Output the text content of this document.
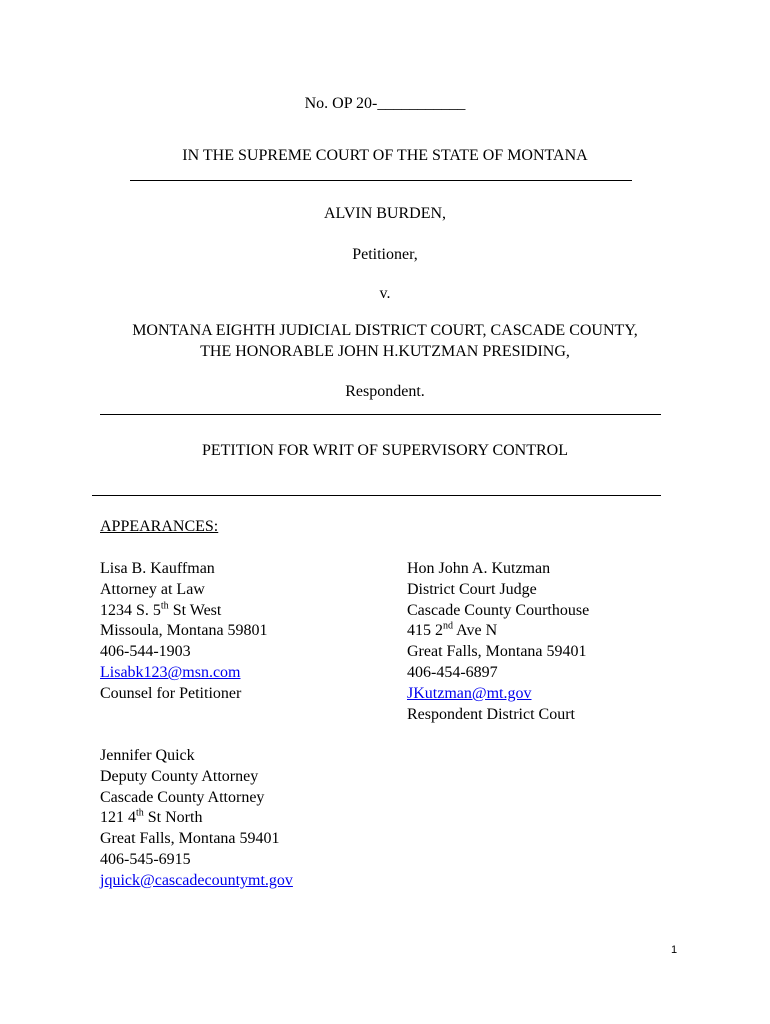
No. OP 20-___________
IN THE SUPREME COURT OF THE STATE OF MONTANA
ALVIN BURDEN,
Petitioner,
v.
MONTANA EIGHTH JUDICIAL DISTRICT COURT, CASCADE COUNTY,
THE HONORABLE JOHN H.KUTZMAN PRESIDING,
Respondent.
PETITION FOR WRIT OF SUPERVISORY CONTROL
APPEARANCES:
Lisa B. Kauffman
Attorney at Law
1234 S. 5th St West
Missoula, Montana 59801
406-544-1903
Lisabk123@msn.com
Counsel for Petitioner
Hon John A. Kutzman
District Court Judge
Cascade County Courthouse
415 2nd Ave N
Great Falls, Montana 59401
406-454-6897
JKutzman@mt.gov
Respondent District Court
Jennifer Quick
Deputy County Attorney
Cascade County Attorney
121 4th St North
Great Falls, Montana 59401
406-545-6915
jquick@cascadecountymt.gov
1
